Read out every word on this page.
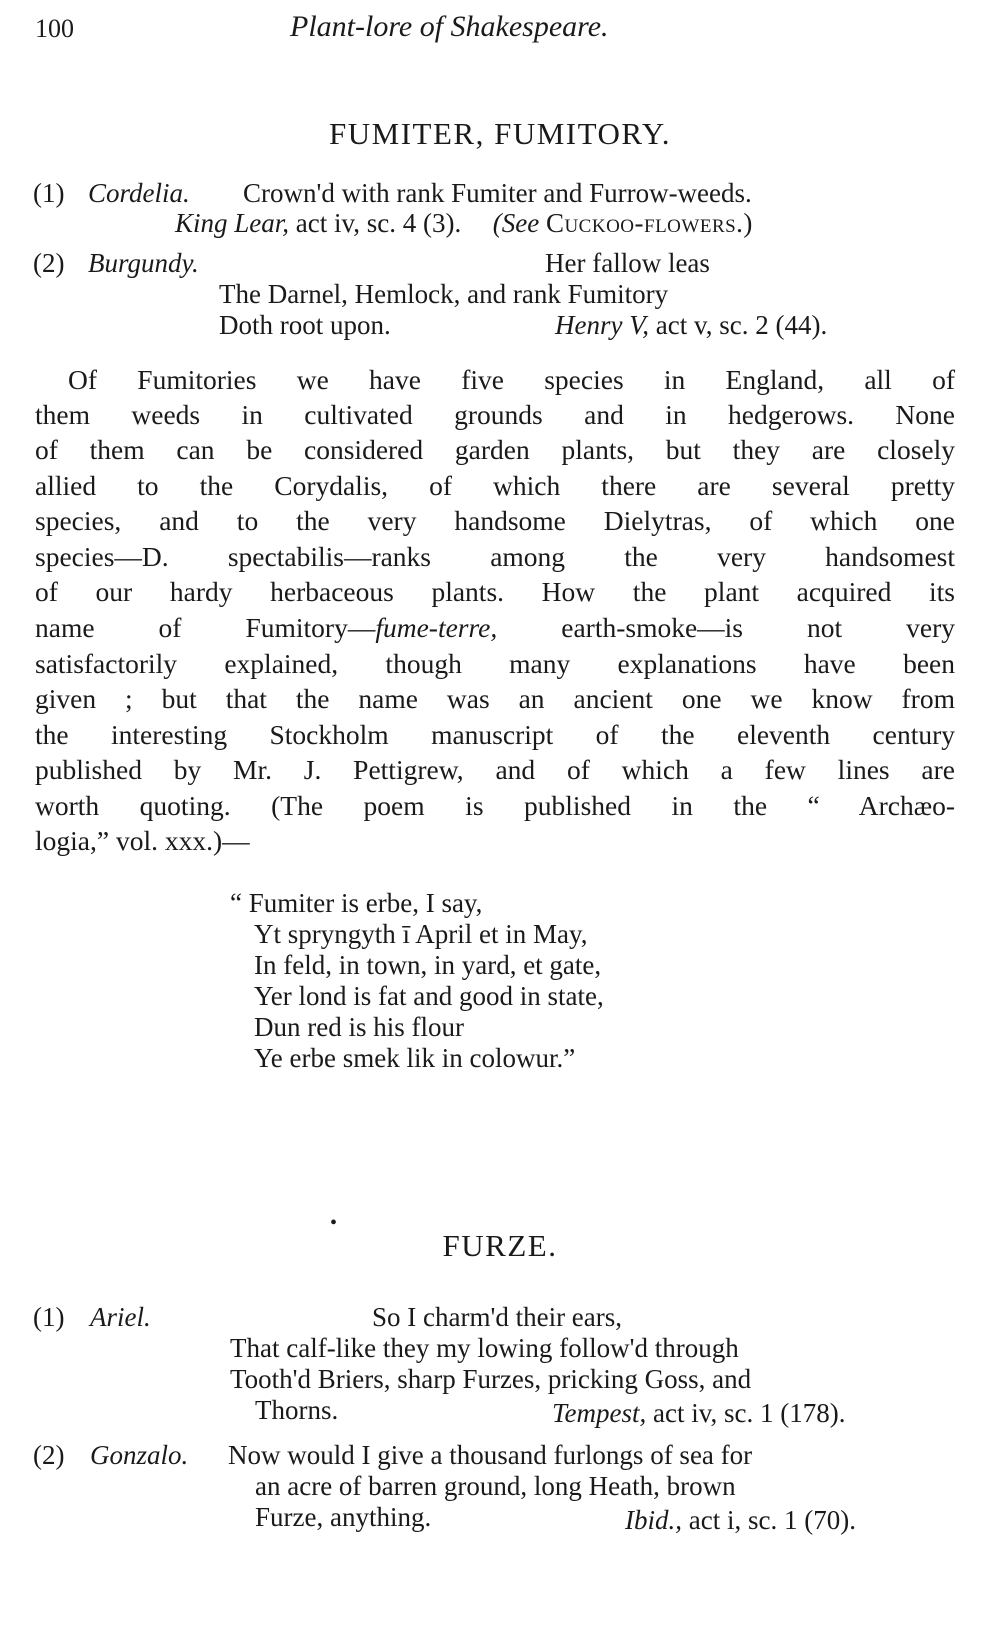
100	Plant-lore of Shakespeare.
FUMITER, FUMITORY.
(1) Cordelia. Crown'd with rank Fumiter and Furrow-weeds.
King Lear, act iv, sc. 4 (3). (See Cuckoo-flowers.)
(2) Burgundy.	Her fallow leas
The Darnel, Hemlock, and rank Fumitory
Doth root upon.	Henry V, act v, sc. 2 (44).
Of Fumitories we have five species in England, all of
them weeds in cultivated grounds and in hedgerows. None
of them can be considered garden plants, but they are closely
allied to the Corydalis, of which there are several pretty
species, and to the very handsome Dielytras, of which one
species—D. spectabilis—ranks among the very handsomest
of our hardy herbaceous plants. How the plant acquired its
name of Fumitory—fume-terre, earth-smoke—is not very
satisfactorily explained, though many explanations have been
given ; but that the name was an ancient one we know from
the interesting Stockholm manuscript of the eleventh century
published by Mr. J. Pettigrew, and of which a few lines are
worth quoting. (The poem is published in the “ Archæo-
logia,” vol. xxx.)—
“ Fumiter is erbe, I say,
Yt spryngyth ī April et in May,
In feld, in town, in yard, et gate,
Yer lond is fat and good in state,
Dun red is his flour
Ye erbe smek lik in colowur.”
•
FURZE.
(1) Ariel.	So I charm'd their ears,
That calf-like they my lowing follow'd through
Tooth'd Briers, sharp Furzes, pricking Goss, and
Thorns.	Tempest, act iv, sc. 1 (178).
(2) Gonzalo. Now would I give a thousand furlongs of sea for
an acre of barren ground, long Heath, brown
Furze, anything.	Ibid., act i, sc. 1 (70).
